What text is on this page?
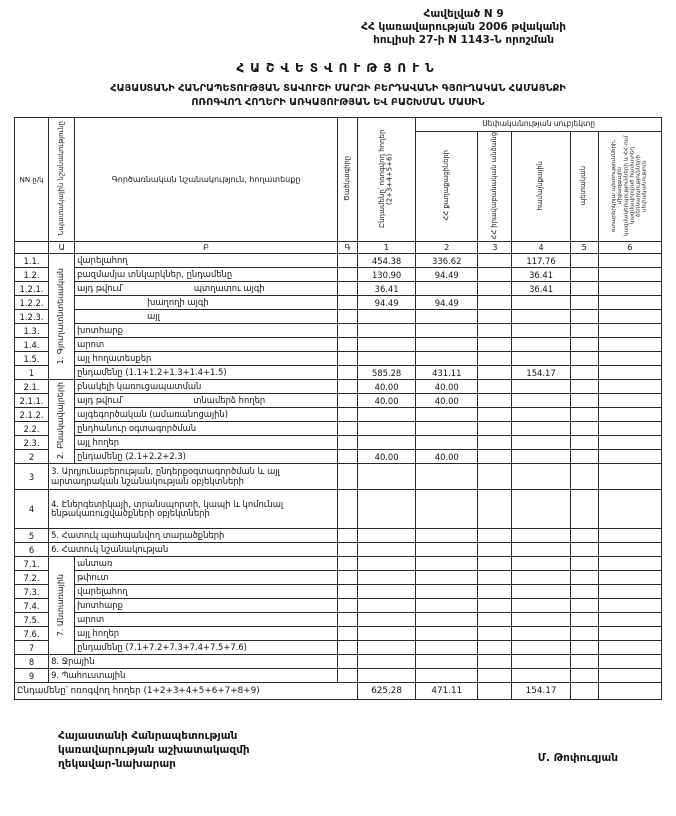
Հավելված N 9
ՀՀ կառավարության 2006 թվականի
հուլիսի 27-ի N 1143-Ն որոշման
ՀԱՇՎԵՏՎՈՒԹՅՈՒՆ
ՀԱՅԱՍՏԱՆԻ ՀԱՆՐԱՊԵՏՈՒԹՅԱՆ ՏԱՎՈՒՇԻ ՄԱՐԶԻ ԲԵՐԴԱՎԱՆԻ ԳՅՈՒՂԱԿԱՆ ՀԱՄԱՅՆՔԻ
ՈՌՈԳՎՈՂ ՀՈՂԵՐԻ ԱՌԿԱՅՈՒԹՅԱՆ ԵՎ ԲԱՇԽՄԱՆ ՄԱՍԻՆ
NN ը/կ	Նպատակային նշանակությունը	Գործառնական նշանակություն, հողատեսքը	Ծածկագիրը	Ընդամենը՝ ոռոգվող հողեր (2+3+4+5+6)	Սեփականության սուբյեկտը				
					ՀՀ քաղաքացիների	ՀՀ իրավաբանական անձանց	համայնքային	պետական	օտարերկրյա պետությունների, միջազգային կազմակերպությունների և ՀՀ-ում կազմավորված համատեղ ձեռնարկությունների սեփականություն
	Ա	Բ	Գ	1	2	3	4	5	6
1.1.	1. Գյուղատնտեսական	վարելահող		454.38	336.62		117.76		
1.2.		բազմամյա տնկարկներ, ընդամենը		130.90	94.49		36.41		
1.2.1.		այդ թվում՝ պտղատու այգի		36.41			36.41		
1.2.2.		խաղողի այգի		94.49	94.49				
1.2.3.		այլ							
1.3.		խոտհարք							
1.4.		արոտ							
1.5.		այլ հողատեսքեր							
1		ընդամենը (1.1+1.2+1.3+1.4+1.5)		585.28	431.11		154.17		
2.1.	2. Բնակավայրերի	բնակելի կառուցապատման		40.00	40.00				
2.1.1.		այդ թվում՝ տնամերձ հողեր		40.00	40.00				
2.1.2.		այգեգործական (ամառանոցային)							
2.2.		ընդհանուր օգտագործման							
2.3.		այլ հողեր							
2		ընդամենը (2.1+2.2+2.3)		40.00	40.00				
3	3. Արդյունաբերության, ընդերքօգտագործման և այլ արտադրական նշանակության օբյեկտների								
4	4. Էներգետիկայի, տրանսպորտի, կապի և կոմունալ ենթակառուցվածքների օբյեկտների								
5	5. Հատուկ պահպանվող տարածքների								
6	6. Հատուկ նշանակության								
7.1.	7. Անտառային	անտառ							
7.2.		թփուտ							
7.3.		վարելահող							
7.4.		խոտհարք							
7.5.		արոտ							
7.6.		այլ հողեր							
7		ընդամենը (7.1+7.2+7.3+7.4+7.5+7.6)							
8	8. Ջրային								
9	9. Պահուստային								
Ընդամենը՝ ոռոգվող հողեր (1+2+3+4+5+6+7+8+9)				625.28	471.11		154.17		
Հայաստանի Հանրապետության
կառավարության աշխատակազմի
ղեկավար-նախարար	Մ. Թոփուզյան
